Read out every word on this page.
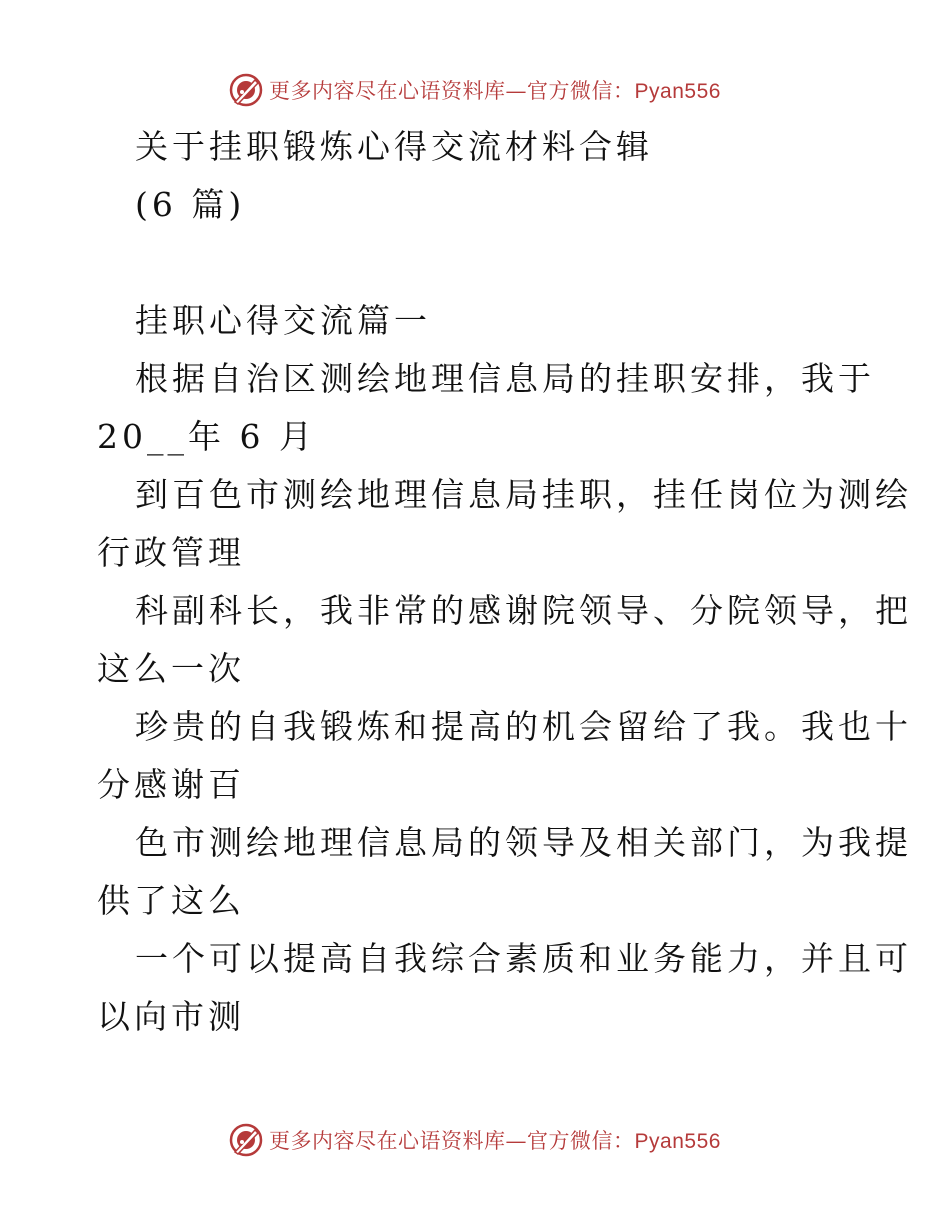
更多内容尽在心语资料库—官方微信：Pyan556
关于挂职锻炼心得交流材料合辑
(6 篇)
挂职心得交流篇一
根据自治区测绘地理信息局的挂职安排，我于
20__年 6 月
到百色市测绘地理信息局挂职，挂任岗位为测绘
行政管理
科副科长，我非常的感谢院领导、分院领导，把
这么一次
珍贵的自我锻炼和提高的机会留给了我。我也十
分感谢百
色市测绘地理信息局的领导及相关部门，为我提
供了这么
一个可以提高自我综合素质和业务能力，并且可
以向市测
更多内容尽在心语资料库—官方微信：Pyan556
